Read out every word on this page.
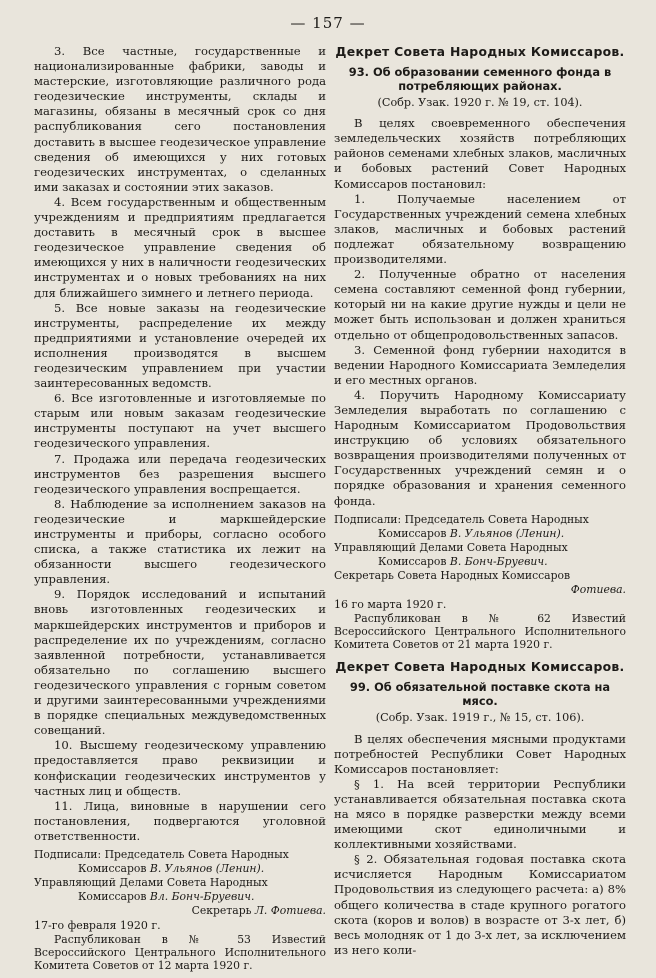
— 157 —

3. Все частные, государственные и национализированные фабрики, заводы и мастерские, изготовляющие различного рода геодезические инструменты, склады и магазины, обязаны в месячный срок со дня распубликования сего постановления доставить в высшее геодезическое управление сведения об имеющихся у них готовых геодезических инструментах, о сделанных ими заказах и состоянии этих заказов.

4. Всем государственным и общественным учреждениям и предприятиям предлагается доставить в месячный срок в высшее геодезическое управление сведения об имеющихся у них в наличности геодезических инструментах и о новых требованиях на них для ближайшего зимнего и летнего периода.

5. Все новые заказы на геодезические инструменты, распределение их между предприятиями и установление очередей их исполнения производятся в высшем геодезическим управлением при участии заинтересованных ведомств.

6. Все изготовленные и изготовляемые по старым или новым заказам геодезические инструменты поступают на учет высшего геодезического управления.

7. Продажа или передача геодезических инструментов без разрешения высшего геодезического управления воспрещается.

8. Наблюдение за исполнением заказов на геодезические и маркшейдерские инструменты и приборы, согласно особого списка, а также статистика их лежит на обязанности высшего геодезического управления.

9. Порядок исследований и испытаний вновь изготовленных геодезических и маркшейдерских инструментов и приборов и распределение их по учреждениям, согласно заявленной потребности, устанавливается обязательно по соглашению высшего геодезического управления с горным советом и другими заинтересованными учреждениями в порядке специальных междуведомственных совещаний.

10. Высшему геодезическому управлению предоставляется право реквизиции и конфискации геодезических инструментов у частных лиц и обществ.

11. Лица, виновные в нарушении сего постановления, подвергаются уголовной ответственности.

Подписали: Председатель Совета Народных
Комиссаров В. Ульянов (Ленин).
Управляющий Делами Совета Народных
Комиссаров Вл. Бонч-Бруевич.
Секретарь Л. Фотиева.

17-го февраля 1920 г.

Распубликован в № 53 Известий Всероссийского Центрального Исполнительного Комитета Советов от 12 марта 1920 г.

Декрет Совета Народных Комиссаров.
93. Об образовании семенного фонда в потребляющих районах.
(Собр. Узак. 1920 г. № 19, ст. 104).

В целях своевременного обеспечения земледельческих хозяйств потребляющих районов семенами хлебных злаков, масличных и бобовых растений Совет Народных Комиссаров постановил:

1. Получаемые населением от Государственных учреждений семена хлебных злаков, масличных и бобовых растений подлежат обязательному возвращению производителями.

2. Полученные обратно от населения семена составляют семенной фонд губернии, который ни на какие другие нужды и цели не может быть использован и должен храниться отдельно от общепродовольственных запасов.

3. Семенной фонд губернии находится в ведении Народного Комиссариата Земледелия и его местных органов.

4. Поручить Народному Комиссариату Земледелия выработать по соглашению с Народным Комиссариатом Продовольствия инструкцию об условиях обязательного возвращения производителями полученных от Государственных учреждений семян и о порядке образования и хранения семенного фонда.

Подписали: Председатель Совета Народных
Комиссаров В. Ульянов (Ленин).
Управляющий Делами Совета Народных
Комиссаров В. Бонч-Бруевич.
Секретарь Совета Народных Комиссаров
Фотиева.

16 го марта 1920 г.

Распубликован в № 62 Известий Всероссийского Центрального Исполнительного Комитета Советов от 21 марта 1920 г.

Декрет Совета Народных Комиссаров.
99. Об обязательной поставке скота на мясо.
(Собр. Узак. 1919 г., № 15, ст. 106).

В целях обеспечения мясными продуктами потребностей Республики Совет Народных Комиссаров постановляет:

§ 1. На всей территории Республики устанавливается обязательная поставка скота на мясо в порядке разверстки между всеми имеющими скот единоличными и коллективными хозяйствами.

§ 2. Обязательная годовая поставка скота исчисляется Народным Комиссариатом Продовольствия из следующего расчета: а) 8% общего количества в стаде крупного рогатого скота (коров и волов) в возрасте от 3-х лет, б) весь молодняк от 1 до 3-х лет, за исключением из него коли-
